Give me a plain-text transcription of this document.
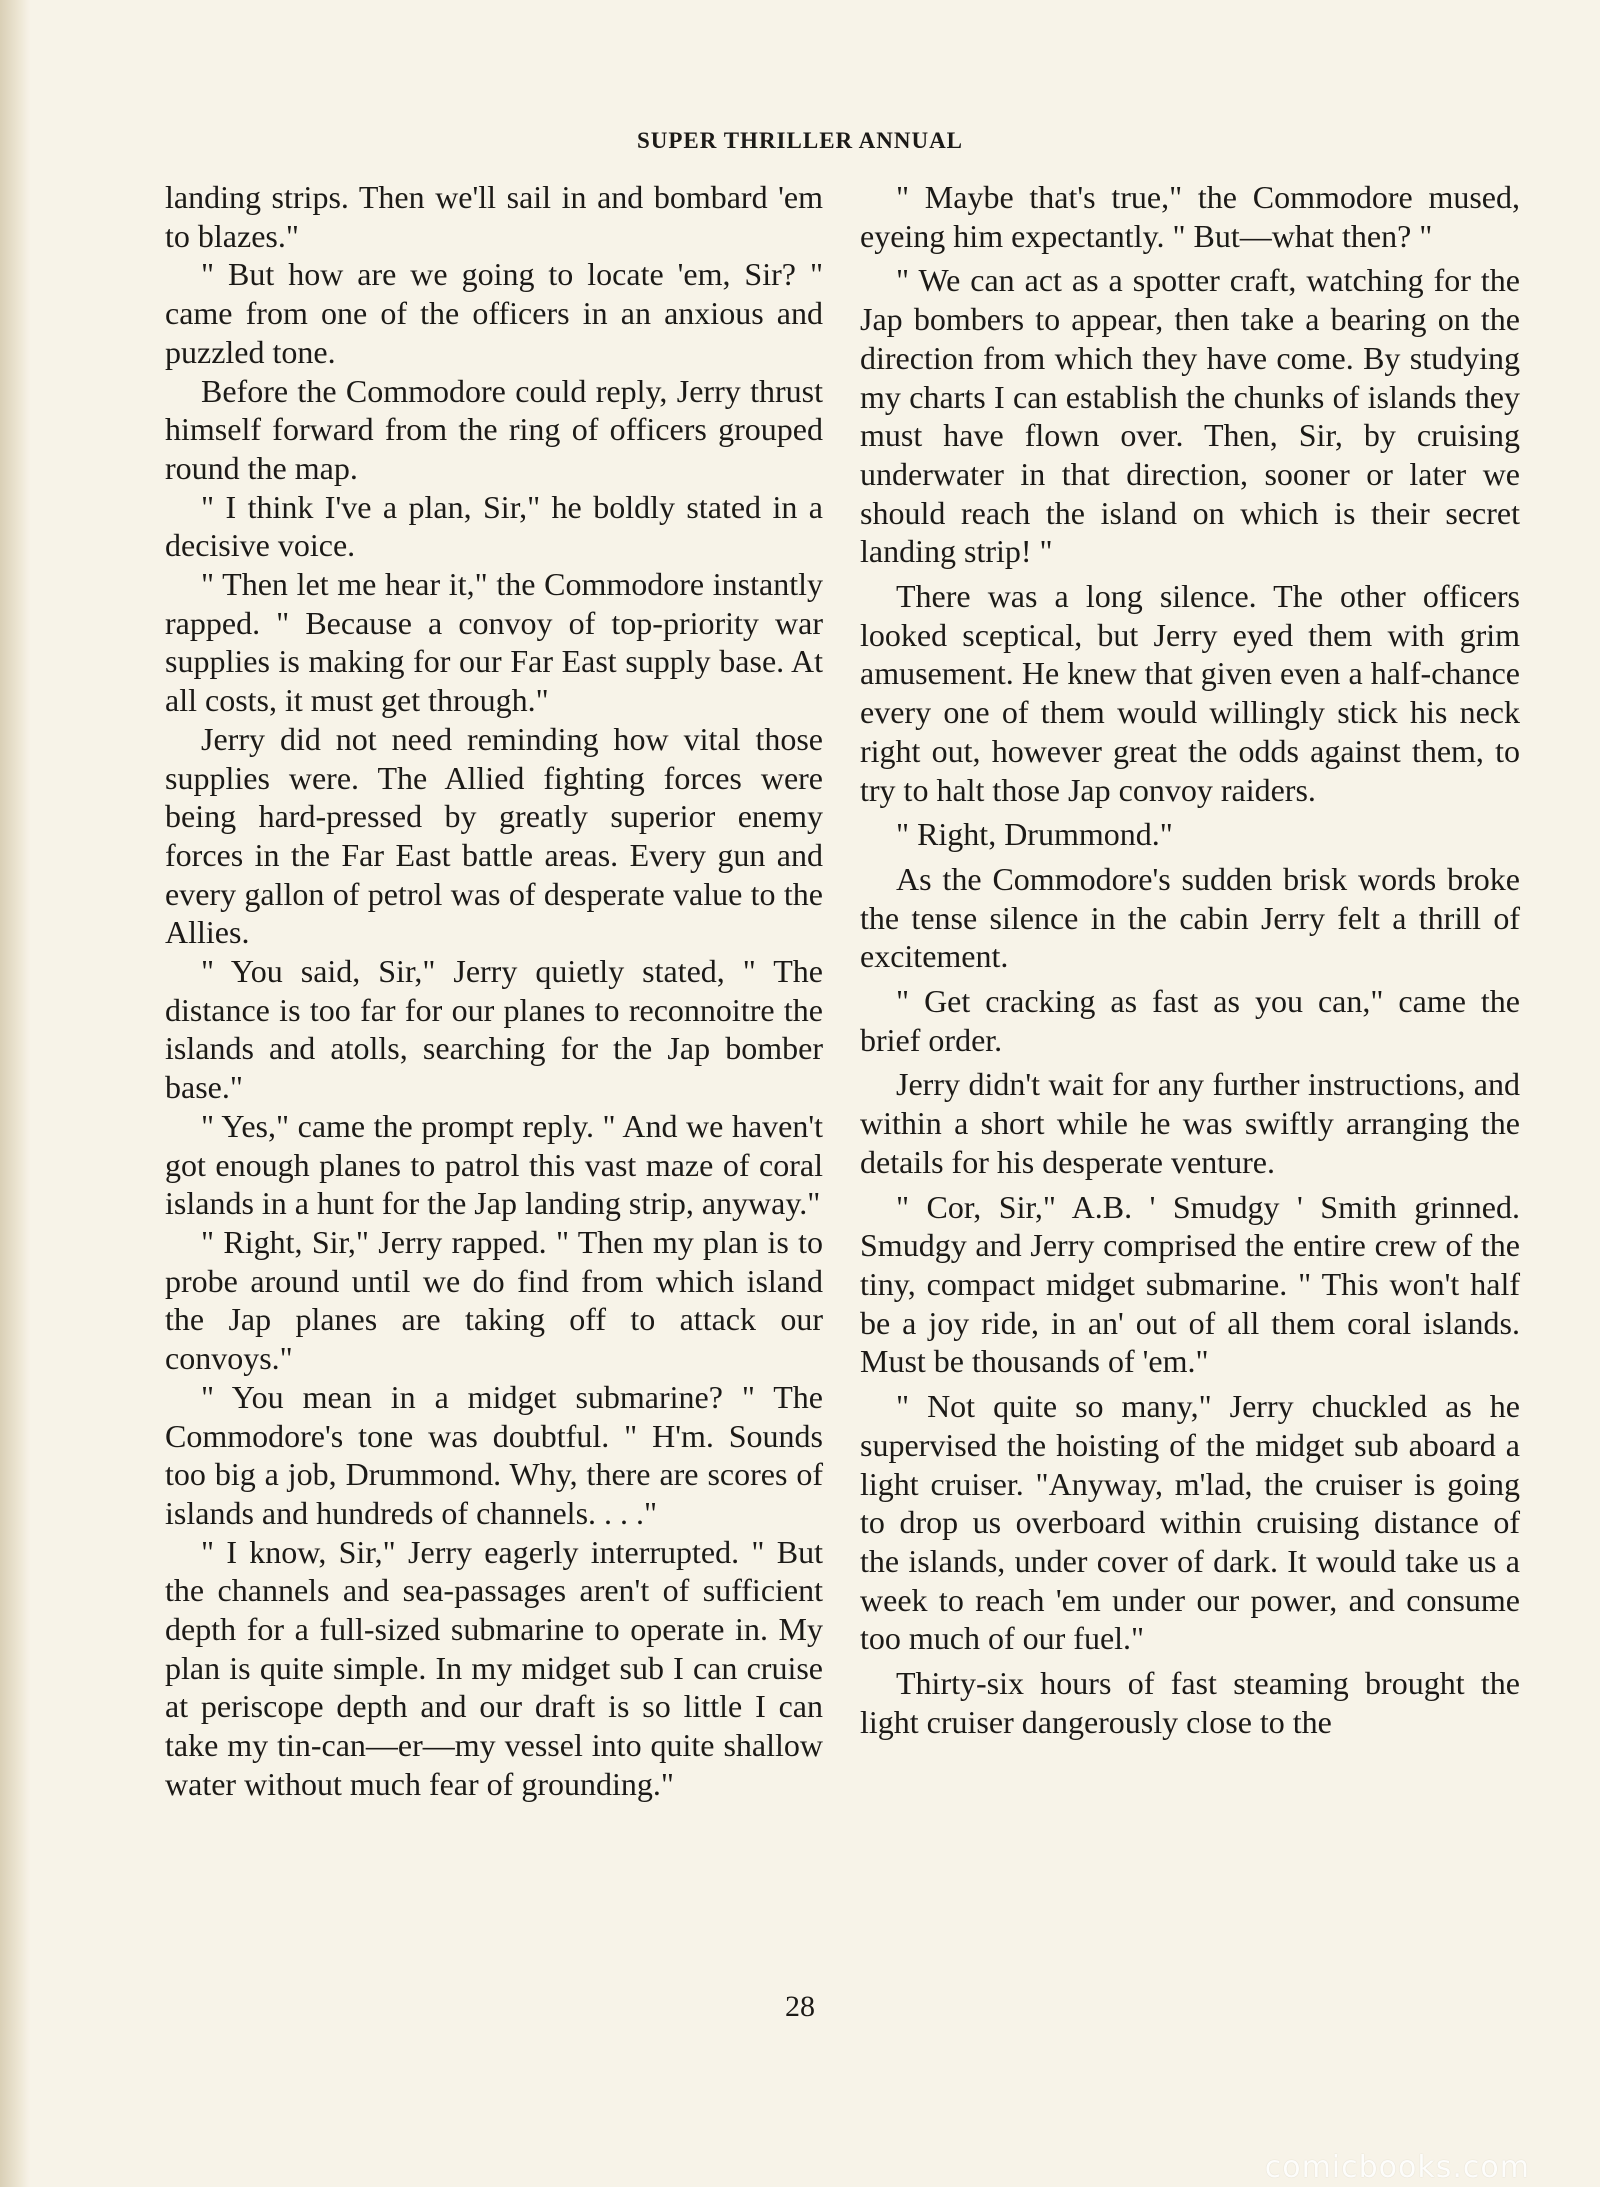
SUPER THRILLER ANNUAL

landing strips. Then we'll sail in and bombard 'em to blazes."

" But how are we going to locate 'em, Sir? " came from one of the officers in an anxious and puzzled tone.

Before the Commodore could reply, Jerry thrust himself forward from the ring of officers grouped round the map.

" I think I've a plan, Sir," he boldly stated in a decisive voice.

" Then let me hear it," the Commodore instantly rapped. " Because a convoy of top-priority war supplies is making for our Far East supply base. At all costs, it must get through."

Jerry did not need reminding how vital those supplies were. The Allied fighting forces were being hard-pressed by greatly superior enemy forces in the Far East battle areas. Every gun and every gallon of petrol was of desperate value to the Allies.

" You said, Sir," Jerry quietly stated, " The distance is too far for our planes to reconnoitre the islands and atolls, searching for the Jap bomber base."

" Yes," came the prompt reply. " And we haven't got enough planes to patrol this vast maze of coral islands in a hunt for the Jap landing strip, anyway."

" Right, Sir," Jerry rapped. " Then my plan is to probe around until we do find from which island the Jap planes are taking off to attack our convoys."

" You mean in a midget submarine? " The Commodore's tone was doubtful. " H'm. Sounds too big a job, Drummond. Why, there are scores of islands and hundreds of channels. . . ."

" I know, Sir," Jerry eagerly interrupted. " But the channels and sea-passages aren't of sufficient depth for a full-sized submarine to operate in. My plan is quite simple. In my midget sub I can cruise at periscope depth and our draft is so little I can take my tin-can—er—my vessel into quite shallow water without much fear of grounding."

" Maybe that's true," the Commodore mused, eyeing him expectantly. " But—what then? "

" We can act as a spotter craft, watching for the Jap bombers to appear, then take a bearing on the direction from which they have come. By studying my charts I can establish the chunks of islands they must have flown over. Then, Sir, by cruising underwater in that direction, sooner or later we should reach the island on which is their secret landing strip! "

There was a long silence. The other officers looked sceptical, but Jerry eyed them with grim amusement. He knew that given even a half-chance every one of them would willingly stick his neck right out, however great the odds against them, to try to halt those Jap convoy raiders.

" Right, Drummond."

As the Commodore's sudden brisk words broke the tense silence in the cabin Jerry felt a thrill of excitement.

" Get cracking as fast as you can," came the brief order.

Jerry didn't wait for any further instructions, and within a short while he was swiftly arranging the details for his desperate venture.

" Cor, Sir," A.B. ' Smudgy ' Smith grinned. Smudgy and Jerry comprised the entire crew of the tiny, compact midget submarine. " This won't half be a joy ride, in an' out of all them coral islands. Must be thousands of 'em."

" Not quite so many," Jerry chuckled as he supervised the hoisting of the midget sub aboard a light cruiser. "Anyway, m'lad, the cruiser is going to drop us overboard within cruising distance of the islands, under cover of dark. It would take us a week to reach 'em under our power, and consume too much of our fuel."

Thirty-six hours of fast steaming brought the light cruiser dangerously close to the

28
comicbooks.com
